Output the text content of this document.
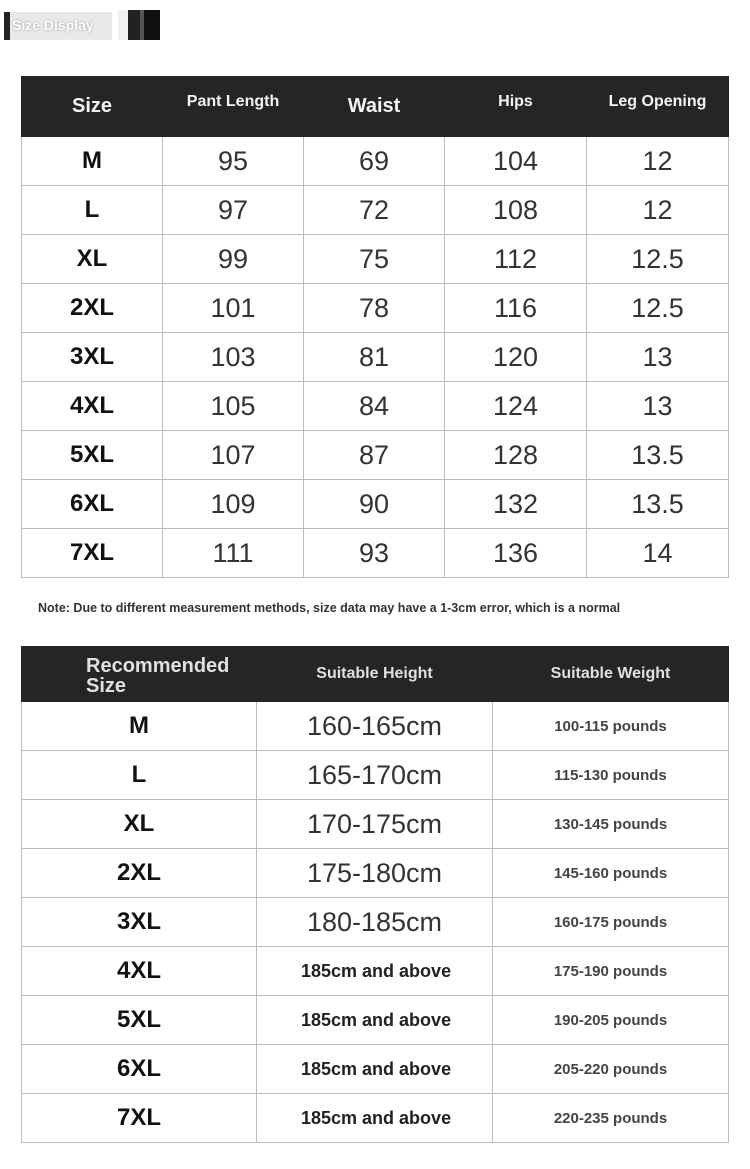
Size Display
Size	Pant Length	Waist	Hips	Leg Opening
M	95	69	104	12
L	97	72	108	12
XL	99	75	112	12.5
2XL	101	78	116	12.5
3XL	103	81	120	13
4XL	105	84	124	13
5XL	107	87	128	13.5
6XL	109	90	132	13.5
7XL	111	93	136	14
Note: Due to different measurement methods, size data may have a 1-3cm error, which is a normal
Recommended Size	Suitable Height	Suitable Weight
M	160-165cm	100-115 pounds
L	165-170cm	115-130 pounds
XL	170-175cm	130-145 pounds
2XL	175-180cm	145-160 pounds
3XL	180-185cm	160-175 pounds
4XL	185cm and above	175-190 pounds
5XL	185cm and above	190-205 pounds
6XL	185cm and above	205-220 pounds
7XL	185cm and above	220-235 pounds
